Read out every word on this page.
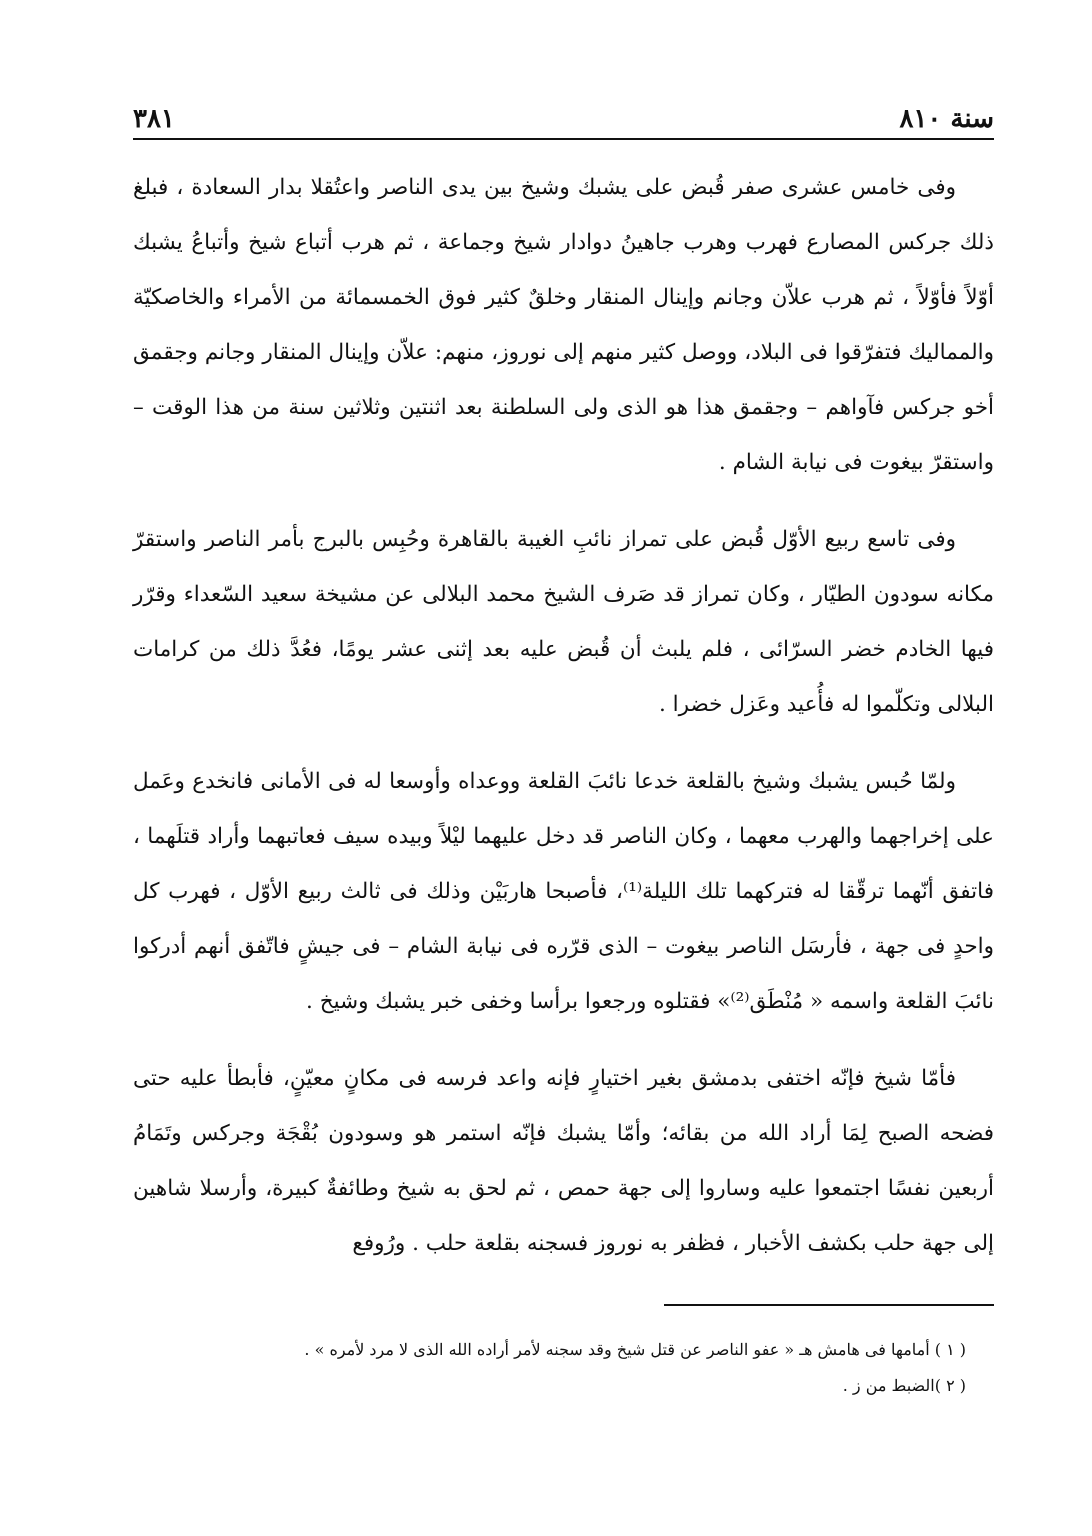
سنة ٨١٠
٣٨١

وفى خامس عشرى صفر قُبض على يشبك وشيخ بين يدى الناصر واعتُقلا بدار السعادة ، فبلغ ذلك جركس المصارع فهرب وهرب جاهينُ دوادار شيخ وجماعة ، ثم هرب أتباع شيخ وأتباعُ يشبك أوّلاً فأوّلاً ، ثم هرب علاّن وجانم وإينال المنقار وخلقٌ كثير فوق الخمسمائة من الأمراء والخاصكيّة والمماليك فتفرّقوا فى البلاد، ووصل كثير منهم إلى نوروز، منهم: علاّن وإينال المنقار وجانم وجقمق أخو جركس فآواهم – وجقمق هذا هو الذى ولى السلطنة بعد اثنتين وثلاثين سنة من هذا الوقت – واستقرّ بيغوت فى نيابة الشام .

وفى تاسع ربيع الأوّل قُبض على تمراز نائبِ الغيبة بالقاهرة وحُبِس بالبرج بأمر الناصر واستقرّ مكانه سودون الطيّار ، وكان تمراز قد صَرف الشيخ محمد البلالى عن مشيخة سعيد السّعداء وقرّر فيها الخادم خضر السرّائى ، فلم يلبث أن قُبض عليه بعد إثنى عشر يومًا، فعُدَّ ذلك من كرامات البلالى وتكلّموا له فأُعيد وعَزل خضرا .

ولمّا حُبس يشبك وشيخ بالقلعة خدعا نائبَ القلعة ووعداه وأوسعا له فى الأمانى فانخدع وعَمل على إخراجهما والهرب معهما ، وكان الناصر قد دخل عليهما ليْلاً وبيده سيف فعاتبهما وأراد قتلَهما ، فاتفق أنّهما ترقّقا له فتركهما تلك الليلة⁽¹⁾، فأصبحا هاربَيْن وذلك فى ثالث ربيع الأوّل ، فهرب كل واحدٍ فى جهة ، فأرسَل الناصر بيغوت – الذى قرّره فى نيابة الشام – فى جيشٍ فاتّفق أنهم أدركوا نائبَ القلعة واسمه « مُنْطَق⁽²⁾» فقتلوه ورجعوا برأسا وخفى خبر يشبك وشيخ .

فأمّا شيخ فإنّه اختفى بدمشق بغير اختيارٍ فإنه واعد فرسه فى مكانٍ معيّنٍ، فأبطأ عليه حتى فضحه الصبح لِمَا أراد الله من بقائه؛ وأمّا يشبك فإنّه استمر هو وسودون بُقْجَة وجركس وتَمَامُ أربعين نفسًا اجتمعوا عليه وساروا إلى جهة حمص ، ثم لحق به شيخ وطائفةٌ كبيرة، وأرسلا شاهين إلى جهة حلب بكشف الأخبار ، فظفر به نوروز فسجنه بقلعة حلب . ورُوفع

( ١ ) أمامها فى هامش هـ « عفو الناصر عن قتل شيخ وقد سجنه لأمر أراده الله الذى لا مرد لأمره » .

( ٢ )الضبط من ز .
